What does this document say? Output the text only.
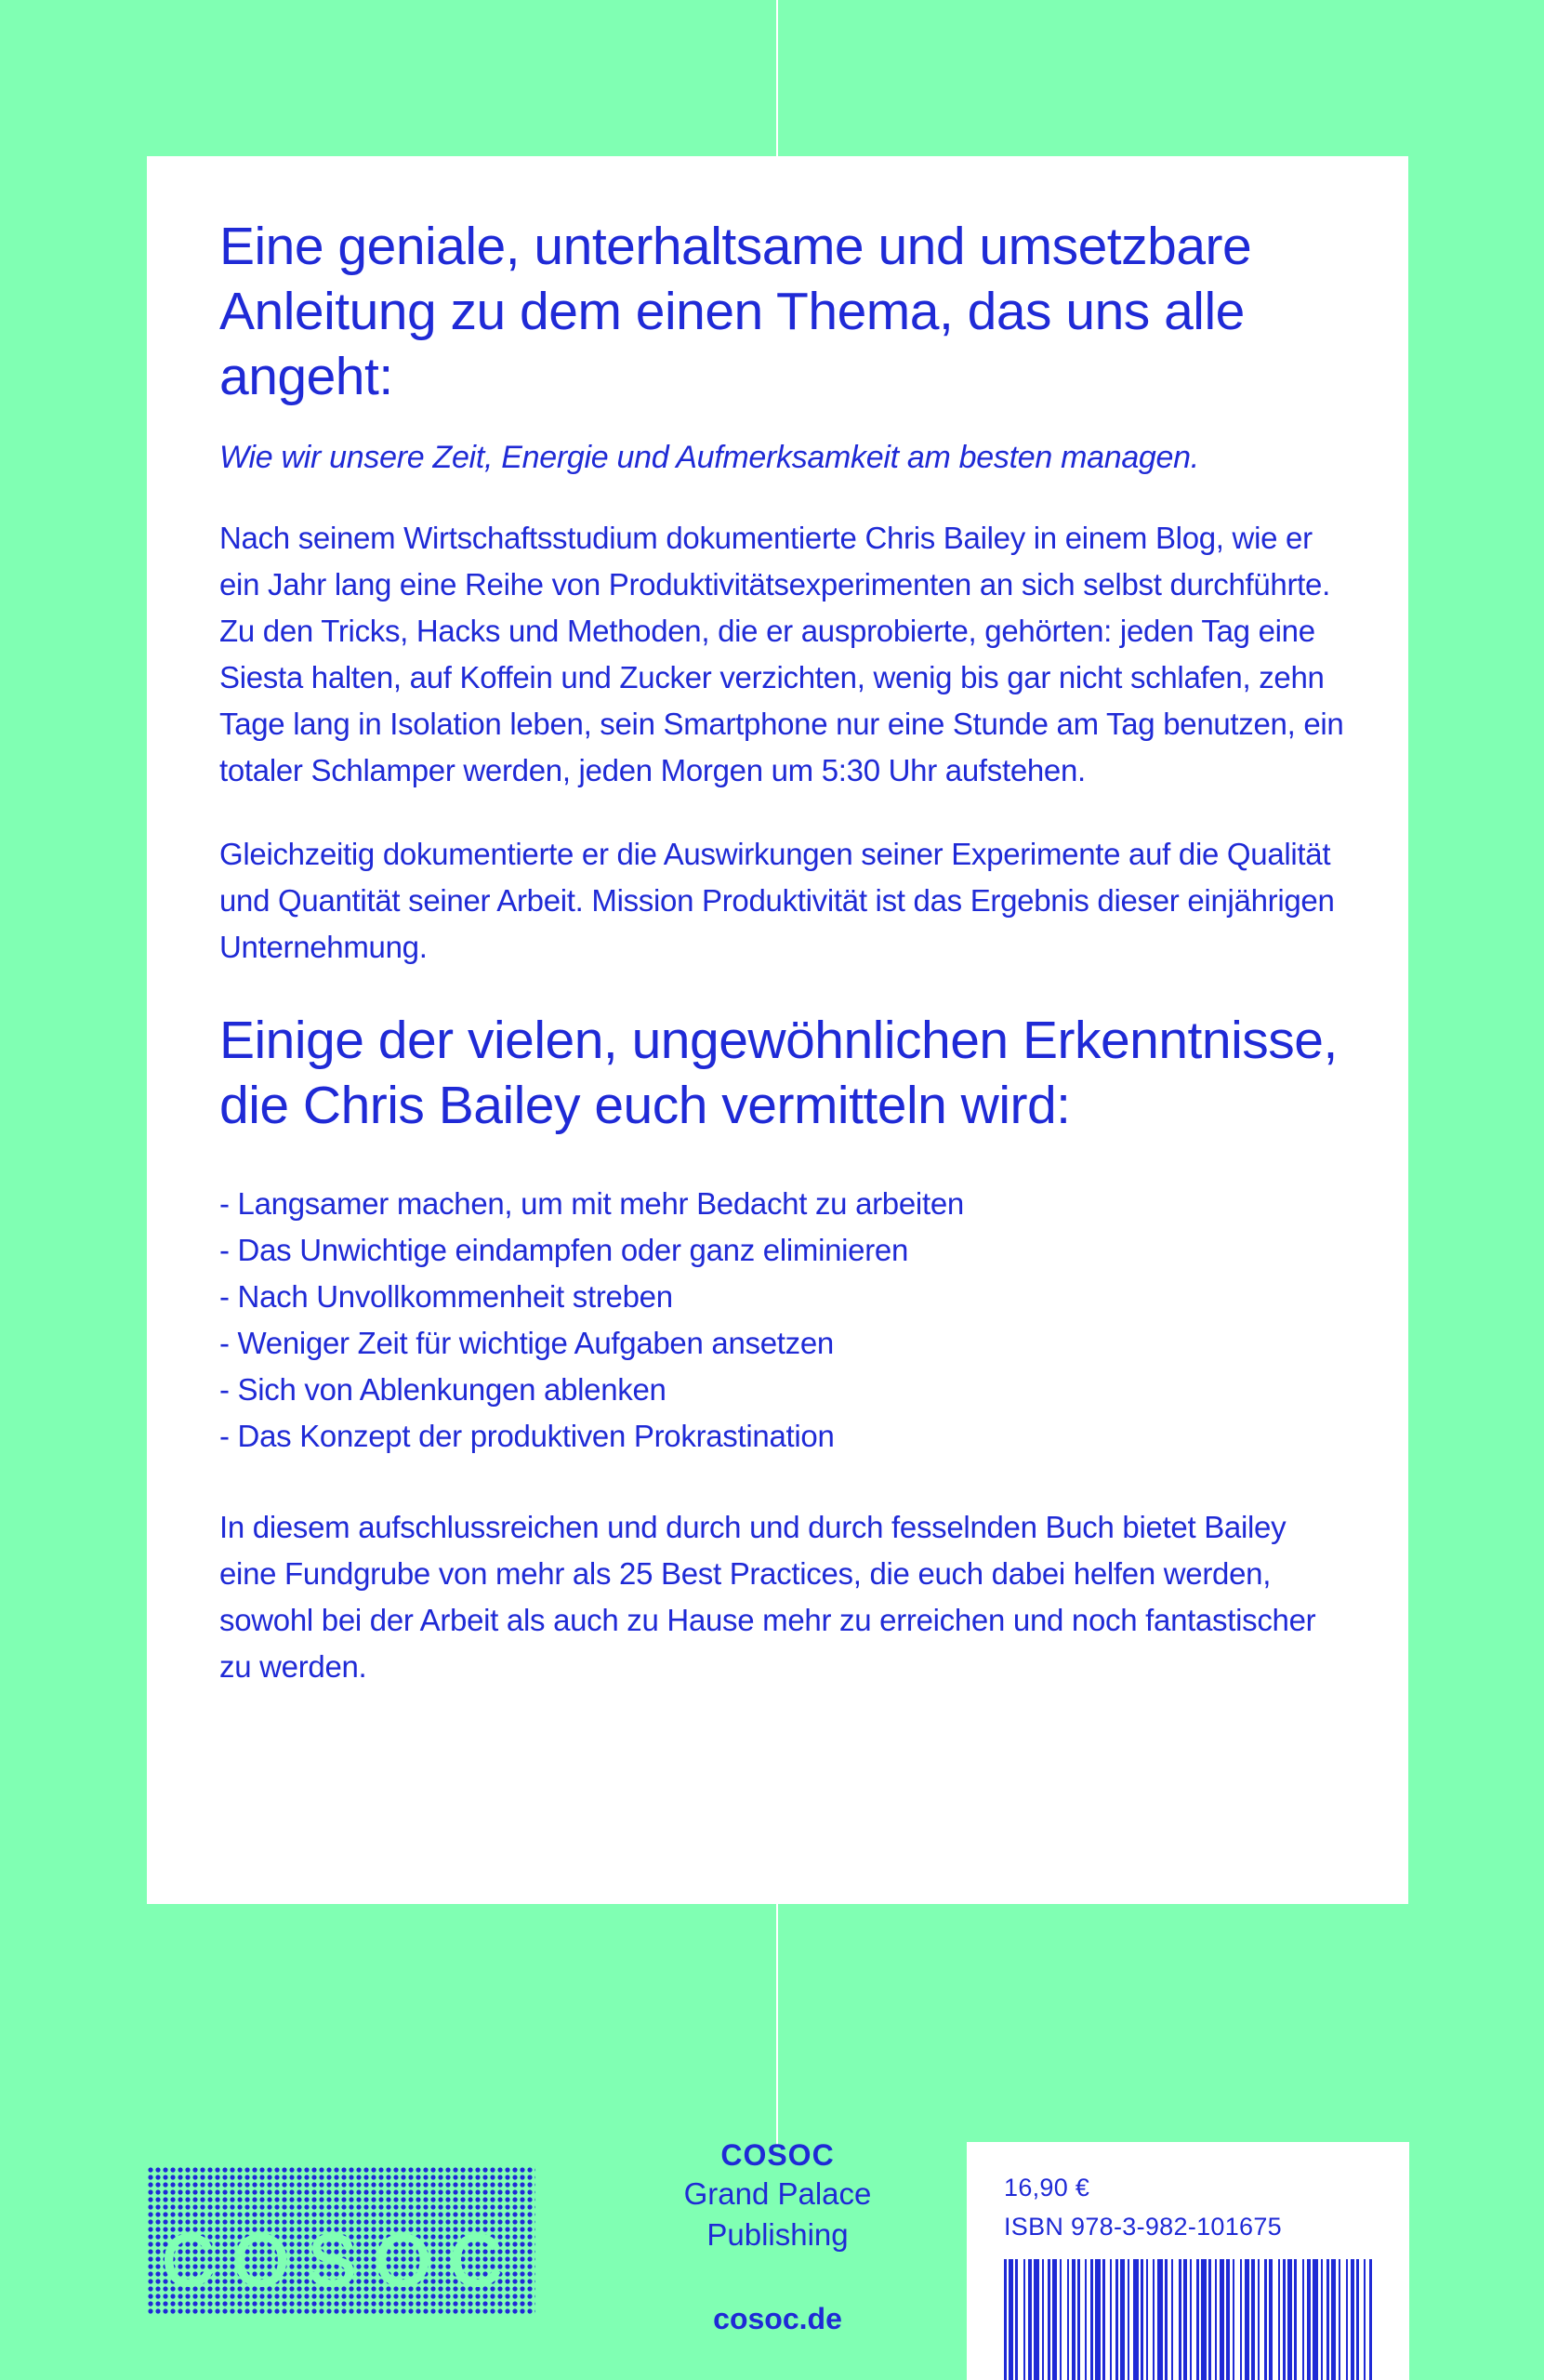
Eine geniale, unterhaltsame und umsetzbare Anleitung zu dem einen Thema, das uns alle angeht:

Wie wir unsere Zeit, Energie und Aufmerksamkeit am besten managen.

Nach seinem Wirtschaftsstudium dokumentierte Chris Bailey in einem Blog, wie er ein Jahr lang eine Reihe von Produktivitätsexperimenten an sich selbst durchführte. Zu den Tricks, Hacks und Methoden, die er ausprobierte, gehörten: jeden Tag eine Siesta halten, auf Koffein und Zucker verzichten, wenig bis gar nicht schlafen, zehn Tage lang in Isolation leben, sein Smartphone nur eine Stunde am Tag benutzen, ein totaler Schlamper werden, jeden Morgen um 5:30 Uhr aufstehen.

Gleichzeitig dokumentierte er die Auswirkungen seiner Experimente auf die Qualität und Quantität seiner Arbeit. Mission Produktivität ist das Ergebnis dieser einjährigen Unternehmung.

Einige der vielen, ungewöhnlichen Erkenntnisse, die Chris Bailey euch vermitteln wird:
- Langsamer machen, um mit mehr Bedacht zu arbeiten
- Das Unwichtige eindampfen oder ganz eliminieren
- Nach Unvollkommenheit streben
- Weniger Zeit für wichtige Aufgaben ansetzen
- Sich von Ablenkungen ablenken
- Das Konzept der produktiven Prokrastination

In diesem aufschlussreichen und durch und durch fesselnden Buch bietet Bailey eine Fundgrube von mehr als 25 Best Practices, die euch dabei helfen werden, sowohl bei der Arbeit als auch zu Hause mehr zu erreichen und noch fantastischer zu werden.

COSOC
Grand Palace
Publishing
cosoc.de
16,90 €
ISBN 978-3-982-101675
